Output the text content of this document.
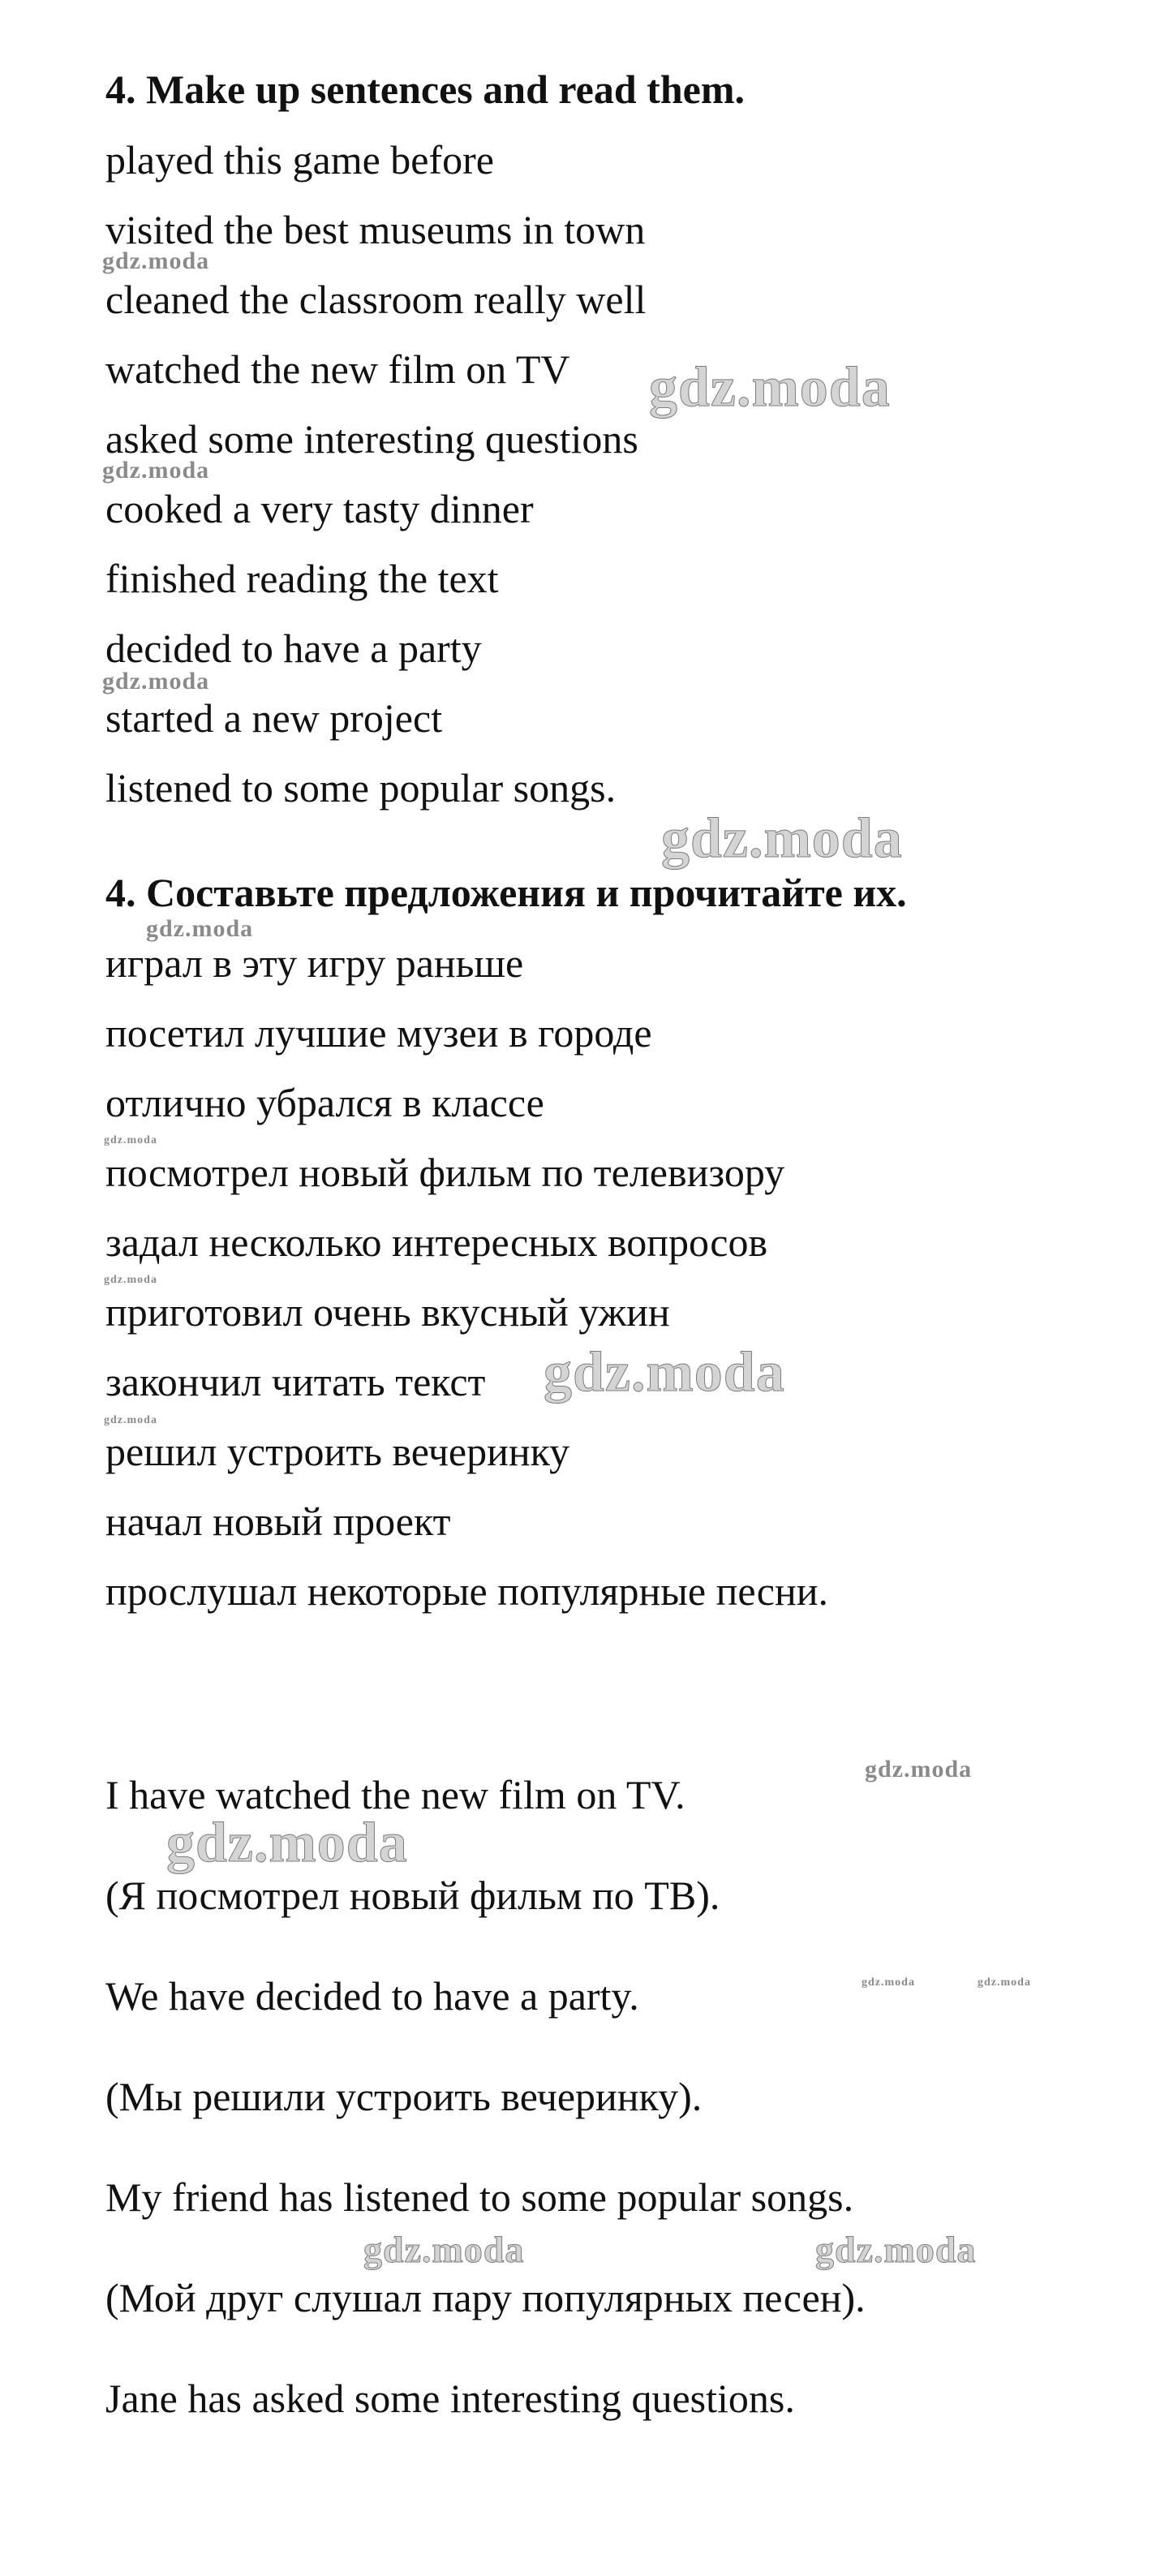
4. Make up sentences and read them.
played this game before
visited the best museums in town
cleaned the classroom really well
watched the new film on TV
asked some interesting questions
cooked a very tasty dinner
finished reading the text
decided to have a party
started a new project
listened to some popular songs.
4. Составьте предложения и прочитайте их.
играл в эту игру раньше
посетил лучшие музеи в городе
отлично убрался в классе
посмотрел новый фильм по телевизору
задал несколько интересных вопросов
приготовил очень вкусный ужин
закончил читать текст
решил устроить вечеринку
начал новый проект
прослушал некоторые популярные песни.
I have watched the new film on TV.
(Я посмотрел новый фильм по ТВ).
We have decided to have a party.
(Мы решили устроить вечеринку).
My friend has listened to some popular songs.
(Мой друг слушал пару популярных песен).
Jane has asked some interesting questions.
gdz.moda
gdz.moda
gdz.moda
gdz.moda
gdz.moda
gdz.moda
gdz.moda
gdz.moda
gdz.moda
gdz.moda
gdz.moda
gdz.moda
gdz.moda	gdz.moda
gdz.moda	gdz.moda
